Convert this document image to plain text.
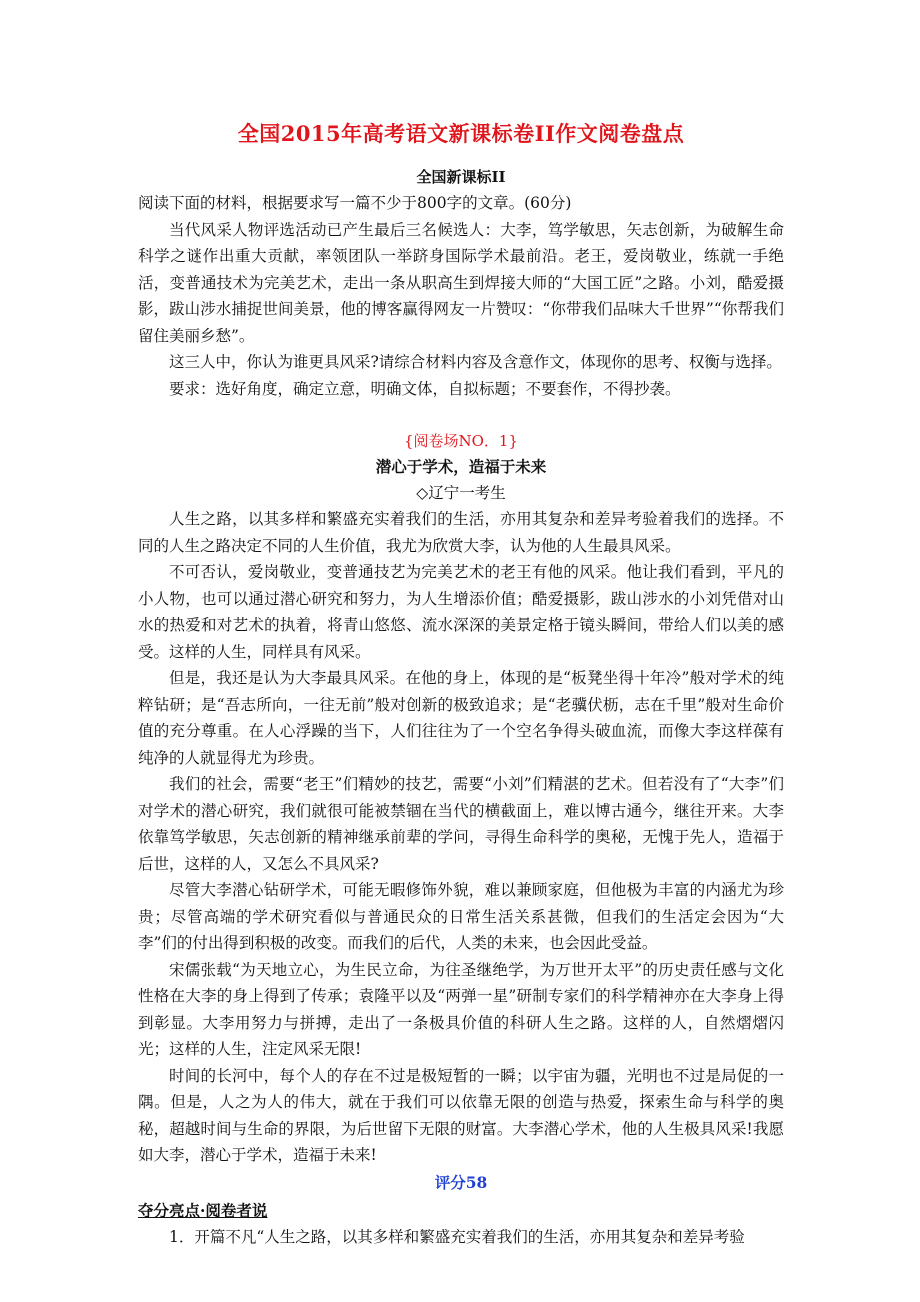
全国2015年高考语文新课标卷II作文阅卷盘点

全国新课标II

阅读下面的材料，根据要求写一篇不少于800字的文章。(60分)

当代风采人物评选活动已产生最后三名候选人：大李，笃学敏思，矢志创新，为破解生命科学之谜作出重大贡献，率领团队一举跻身国际学术最前沿。老王，爱岗敬业，练就一手绝活，变普通技术为完美艺术，走出一条从职高生到焊接大师的“大国工匠”之路。小刘，酷爱摄影，跋山涉水捕捉世间美景，他的博客赢得网友一片赞叹：“你带我们品味大千世界”“你帮我们留住美丽乡愁”。

这三人中，你认为谁更具风采?请综合材料内容及含意作文，体现你的思考、权衡与选择。

要求：选好角度，确定立意，明确文体，自拟标题；不要套作，不得抄袭。

{阅卷场NO．1}

潜心于学术，造福于未来

◇辽宁一考生

人生之路，以其多样和繁盛充实着我们的生活，亦用其复杂和差异考验着我们的选择。不同的人生之路决定不同的人生价值，我尤为欣赏大李，认为他的人生最具风采。

不可否认，爱岗敬业，变普通技艺为完美艺术的老王有他的风采。他让我们看到，平凡的小人物，也可以通过潜心研究和努力，为人生增添价值；酷爱摄影，跋山涉水的小刘凭借对山水的热爱和对艺术的执着，将青山悠悠、流水深深的美景定格于镜头瞬间，带给人们以美的感受。这样的人生，同样具有风采。

但是，我还是认为大李最具风采。在他的身上，体现的是“板凳坐得十年冷”般对学术的纯粹钻研；是“吾志所向，一往无前”般对创新的极致追求；是“老骥伏枥，志在千里”般对生命价值的充分尊重。在人心浮躁的当下，人们往往为了一个空名争得头破血流，而像大李这样葆有纯净的人就显得尤为珍贵。

我们的社会，需要“老王”们精妙的技艺，需要“小刘”们精湛的艺术。但若没有了“大李”们对学术的潜心研究，我们就很可能被禁锢在当代的横截面上，难以博古通今，继往开来。大李依靠笃学敏思，矢志创新的精神继承前辈的学问，寻得生命科学的奥秘，无愧于先人，造福于后世，这样的人，又怎么不具风采?

尽管大李潜心钻研学术，可能无暇修饰外貌，难以兼顾家庭，但他极为丰富的内涵尤为珍贵；尽管高端的学术研究看似与普通民众的日常生活关系甚微，但我们的生活定会因为“大李”们的付出得到积极的改变。而我们的后代，人类的未来，也会因此受益。

宋儒张载“为天地立心，为生民立命，为往圣继绝学，为万世开太平”的历史责任感与文化性格在大李的身上得到了传承；袁隆平以及“两弹一星”研制专家们的科学精神亦在大李身上得到彰显。大李用努力与拼搏，走出了一条极具价值的科研人生之路。这样的人，自然熠熠闪光；这样的人生，注定风采无限!

时间的长河中，每个人的存在不过是极短暂的一瞬；以宇宙为疆，光明也不过是局促的一隅。但是，人之为人的伟大，就在于我们可以依靠无限的创造与热爱，探索生命与科学的奥秘，超越时间与生命的界限，为后世留下无限的财富。大李潜心学术，他的人生极具风采!我愿如大李，潜心于学术，造福于未来!

评分58

夺分亮点·阅卷者说

1．开篇不凡“人生之路，以其多样和繁盛充实着我们的生活，亦用其复杂和差异考验
